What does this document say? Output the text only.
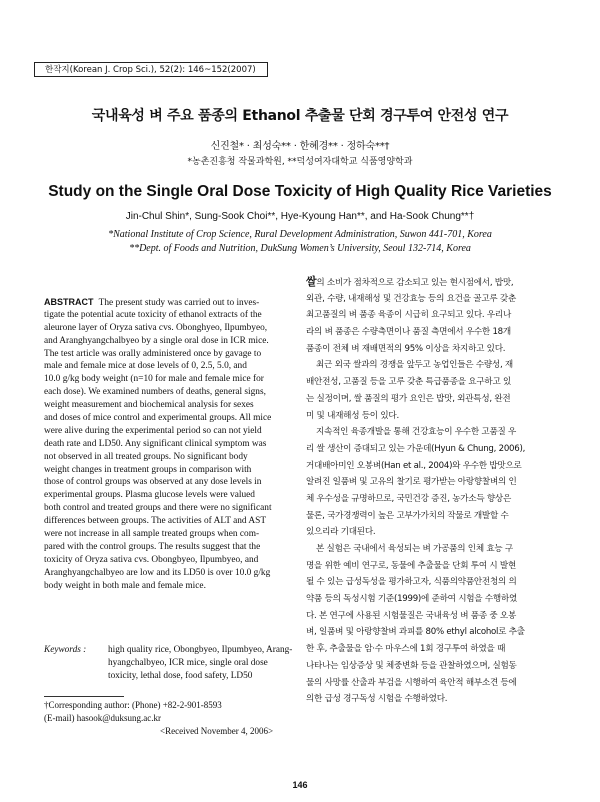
한작지(Korean J. Crop Sci.), 52(2): 146~152(2007)
국내육성 벼 주요 품종의 Ethanol 추출물 단회 경구투여 안전성 연구
신진철* · 최성숙** · 한혜경** · 정하숙**†
*농촌진흥청 작물과학원, **덕성여자대학교 식품영양학과
Study on the Single Oral Dose Toxicity of High Quality Rice Varieties
Jin-Chul Shin*, Sung-Sook Choi**, Hye-Kyoung Han**, and Ha-Sook Chung**†
*National Institute of Crop Science, Rural Development Administration, Suwon 441-701, Korea
**Dept. of Foods and Nutrition, DukSung Women’s University, Seoul 132-714, Korea
ABSTRACT The present study was carried out to inves-
tigate the potential acute toxicity of ethanol extracts of the
aleurone layer of Oryza sativa cvs. Obonghyeo, Ilpumbyeo,
and Aranghyangchalbyeo by a single oral dose in ICR mice.
The test article was orally administered once by gavage to
male and female mice at dose levels of 0, 2.5, 5.0, and
10.0 g/kg body weight (n=10 for male and female mice for
each dose). We examined numbers of deaths, general signs,
weight measurement and biochemical analysis for sexes
and doses of mice control and experimental groups. All mice
were alive during the experimental period so can not yield
death rate and LD50. Any significant clinical symptom was
not observed in all treated groups. No significant body
weight changes in treatment groups in comparison with
those of control groups was observed at any dose levels in
experimental groups. Plasma glucose levels were valued
both control and treated groups and there were no significant
differences between groups. The activities of ALT and AST
were not increase in all sample treated groups when com-
pared with the control groups. The results suggest that the
toxicity of Oryza sativa cvs. Obongbyeo, Ilpumbyeo, and
Aranghyangchalbyeo are low and its LD50 is over 10.0 g/kg
body weight in both male and female mice.
Keywords : high quality rice, Obongbyeo, Ilpumbyeo, Arang-
hyangchalbyeo, ICR mice, single oral dose
toxicity, lethal dose, food safety, LD50
†Corresponding author: (Phone) +82-2-901-8593
(E-mail) hasook@duksung.ac.kr
<Received November 4, 2006>
쌀의 소비가 점차적으로 감소되고 있는 현시점에서, 밥맛,
외관, 수량, 내재해성 및 건강효능 등의 요건을 골고루 갖춘
최고품질의 벼 품종 육종이 시급히 요구되고 있다. 우리나
라의 벼 품종은 수량측면이나 품질 측면에서 우수한 18개
품종이 전체 벼 재배면적의 95% 이상을 차지하고 있다.
최근 외국 쌀과의 경쟁을 앞두고 농업인들은 수량성, 재
배안전성, 고품질 등을 고루 갖춘 특급품종을 요구하고 있
는 실정이며, 쌀 품질의 평가 요인은 밥맛, 외관특성, 완전
미 및 내재해성 등이 있다.
지속적인 육종개발을 통해 건강효능이 우수한 고품질 우
리 쌀 생산이 증대되고 있는 가운데(Hyun & Chung, 2006),
거대배아미인 오봉벼(Han et al., 2004)와 우수한 밥맛으로
알려진 일품벼 및 고유의 찰기로 평가받는 아랑향찰벼의 인
체 우수성을 규명하므로, 국민건강 증진, 농가소득 향상은
물론, 국가경쟁력이 높은 고부가가치의 작물로 개발할 수
있으리라 기대된다.
본 실험은 국내에서 육성되는 벼 가공품의 인체 효능 구
명을 위한 예비 연구로, 동물에 추출물을 단회 투여 시 발현
될 수 있는 급성독성을 평가하고자, 식품의약품안전청의 의
약품 등의 독성시험 기준(1999)에 준하여 시험을 수행하였
다. 본 연구에 사용된 시험물질은 국내육성 벼 품종 중 오봉
벼, 일품벼 및 아랑향찰벼 과피를 80% ethyl alcohol로 추출
한 후, 추출물을 암·수 마우스에 1회 경구투여 하였을 때
나타나는 임상증상 및 체중변화 등을 관찰하였으며, 실험동
물의 사망률 산출과 부검을 시행하여 육안적 해부소견 등에
의한 급성 경구독성 시험을 수행하였다.
146
